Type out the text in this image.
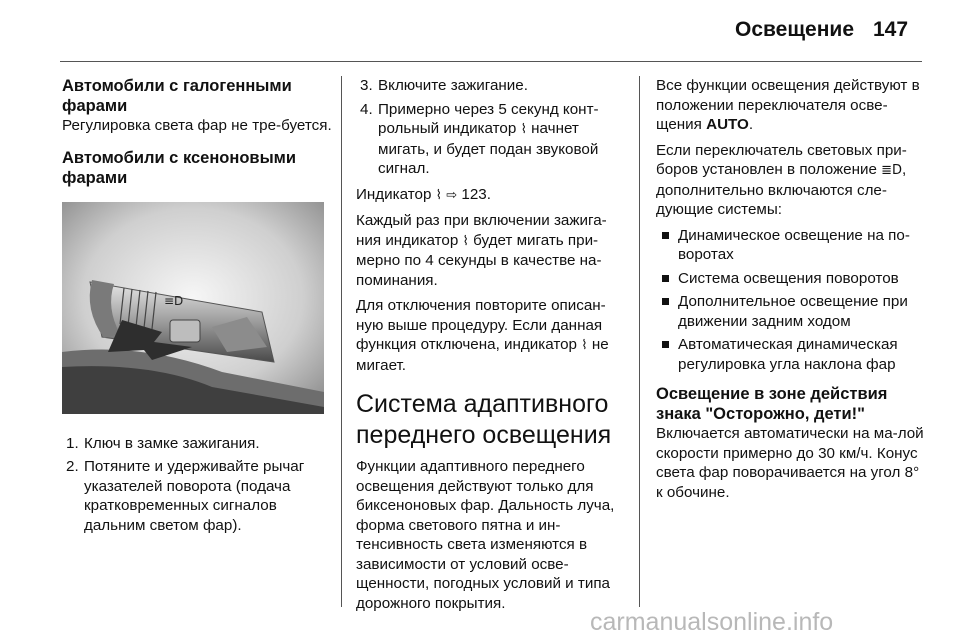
Освещение 147
Автомобили с галогенными фарами

Регулировка света фар не тре-буется.

Автомобили с ксеноновыми фарами
≡D
1. Ключ в замке зажигания.
2. Потяните и удерживайте рычаг указателей поворота (подача кратковременных сигналов дальним светом фар).
3. Включите зажигание.
4. Примерно через 5 секунд конт-рольный индикатор ⌇ начнет мигать, и будет подан звуковой сигнал.

Индикатор ⌇ ⇨ 123.

Каждый раз при включении зажига-ния индикатор ⌇ будет мигать при-мерно по 4 секунды в качестве на-поминания.

Для отключения повторите описан-ную выше процедуру. Если данная функция отключена, индикатор ⌇ не мигает.

Система адаптивного переднего освещения

Функции адаптивного переднего освещения действуют только для биксеноновых фар. Дальность луча, форма светового пятна и ин-тенсивность света изменяются в зависимости от условий осве-щенности, погодных условий и типа дорожного покрытия.

Все функции освещения действуют в положении переключателя осве-щения AUTO.

Если переключатель световых при-боров установлен в положение ≣D, дополнительно включаются сле-дующие системы:

Динамическое освещение на по-воротах
Система освещения поворотов
Дополнительное освещение при движении задним ходом
Автоматическая динамическая регулировка угла наклона фар
Освещение в зоне действия знака "Осторожно, дети!"

Включается автоматически на ма-лой скорости примерно до 30 км/ч. Конус света фар поворачивается на угол 8° к обочине.

carmanualsonline.info
